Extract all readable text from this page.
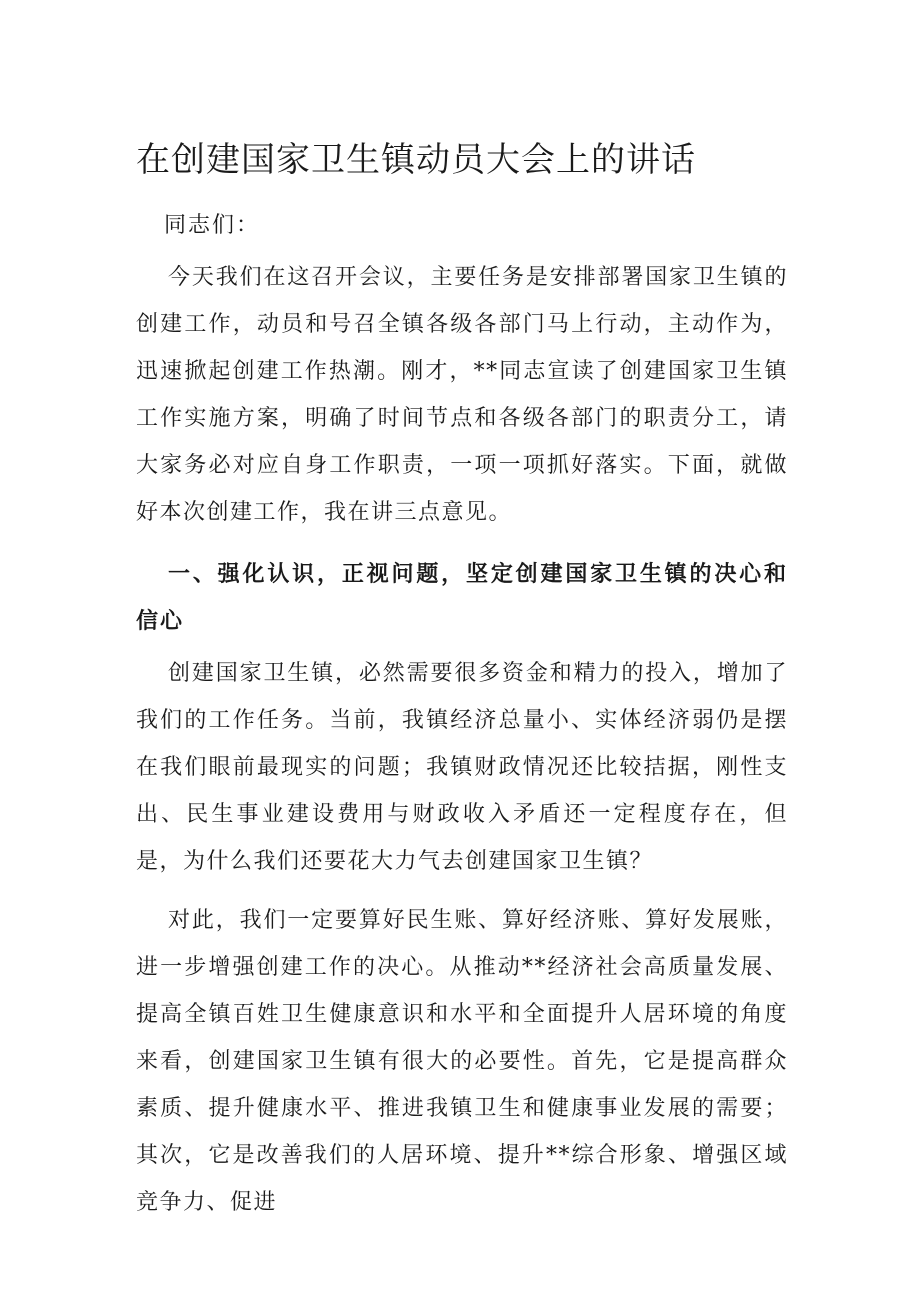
在创建国家卫生镇动员大会上的讲话

同志们：

今天我们在这召开会议，主要任务是安排部署国家卫生镇的创建工作，动员和号召全镇各级各部门马上行动，主动作为，迅速掀起创建工作热潮。刚才，**同志宣读了创建国家卫生镇工作实施方案，明确了时间节点和各级各部门的职责分工，请大家务必对应自身工作职责，一项一项抓好落实。下面，就做好本次创建工作，我在讲三点意见。

一、强化认识，正视问题，坚定创建国家卫生镇的决心和信心

创建国家卫生镇，必然需要很多资金和精力的投入，增加了我们的工作任务。当前，我镇经济总量小、实体经济弱仍是摆在我们眼前最现实的问题；我镇财政情况还比较拮据，刚性支出、民生事业建设费用与财政收入矛盾还一定程度存在，但是，为什么我们还要花大力气去创建国家卫生镇？

对此，我们一定要算好民生账、算好经济账、算好发展账，进一步增强创建工作的决心。从推动**经济社会高质量发展、提高全镇百姓卫生健康意识和水平和全面提升人居环境的角度来看，创建国家卫生镇有很大的必要性。首先，它是提高群众素质、提升健康水平、推进我镇卫生和健康事业发展的需要；其次，它是改善我们的人居环境、提升**综合形象、增强区域竞争力、促进
